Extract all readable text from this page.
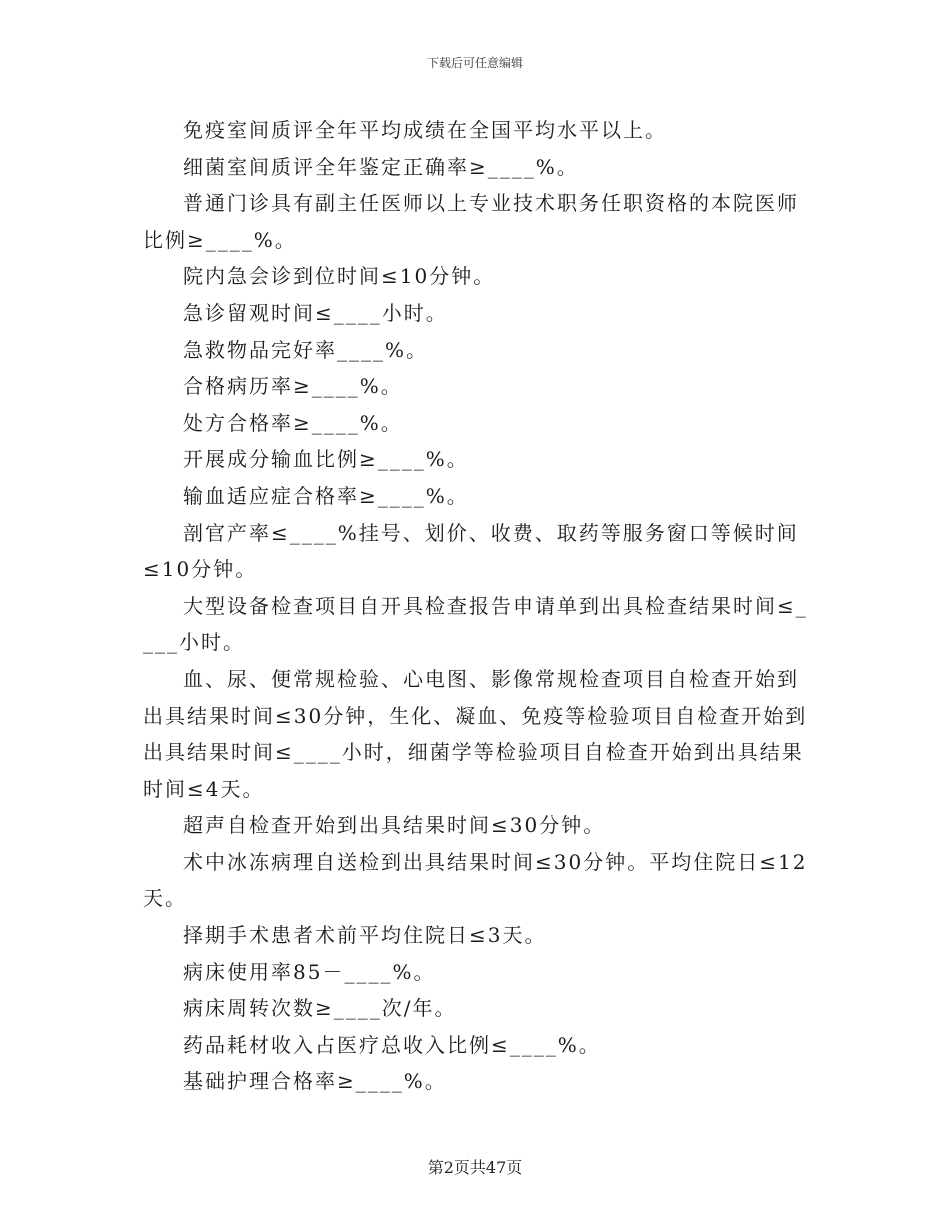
下载后可任意编辑

免疫室间质评全年平均成绩在全国平均水平以上。

细菌室间质评全年鉴定正确率≥____%。

普通门诊具有副主任医师以上专业技术职务任职资格的本院医师比例≥____%。

院内急会诊到位时间≤10分钟。

急诊留观时间≤____小时。

急救物品完好率____%。

合格病历率≥____%。

处方合格率≥____%。

开展成分输血比例≥____%。

输血适应症合格率≥____%。

剖官产率≤____%挂号、划价、收费、取药等服务窗口等候时间≤10分钟。

大型设备检查项目自开具检查报告申请单到出具检查结果时间≤____小时。

血、尿、便常规检验、心电图、影像常规检查项目自检查开始到出具结果时间≤30分钟，生化、凝血、免疫等检验项目自检查开始到出具结果时间≤____小时，细菌学等检验项目自检查开始到出具结果时间≤4天。

超声自检查开始到出具结果时间≤30分钟。

术中冰冻病理自送检到出具结果时间≤30分钟。平均住院日≤12天。

择期手术患者术前平均住院日≤3天。

病床使用率85－____%。

病床周转次数≥____次/年。

药品耗材收入占医疗总收入比例≤____%。

基础护理合格率≥____%。

第2页共47页
